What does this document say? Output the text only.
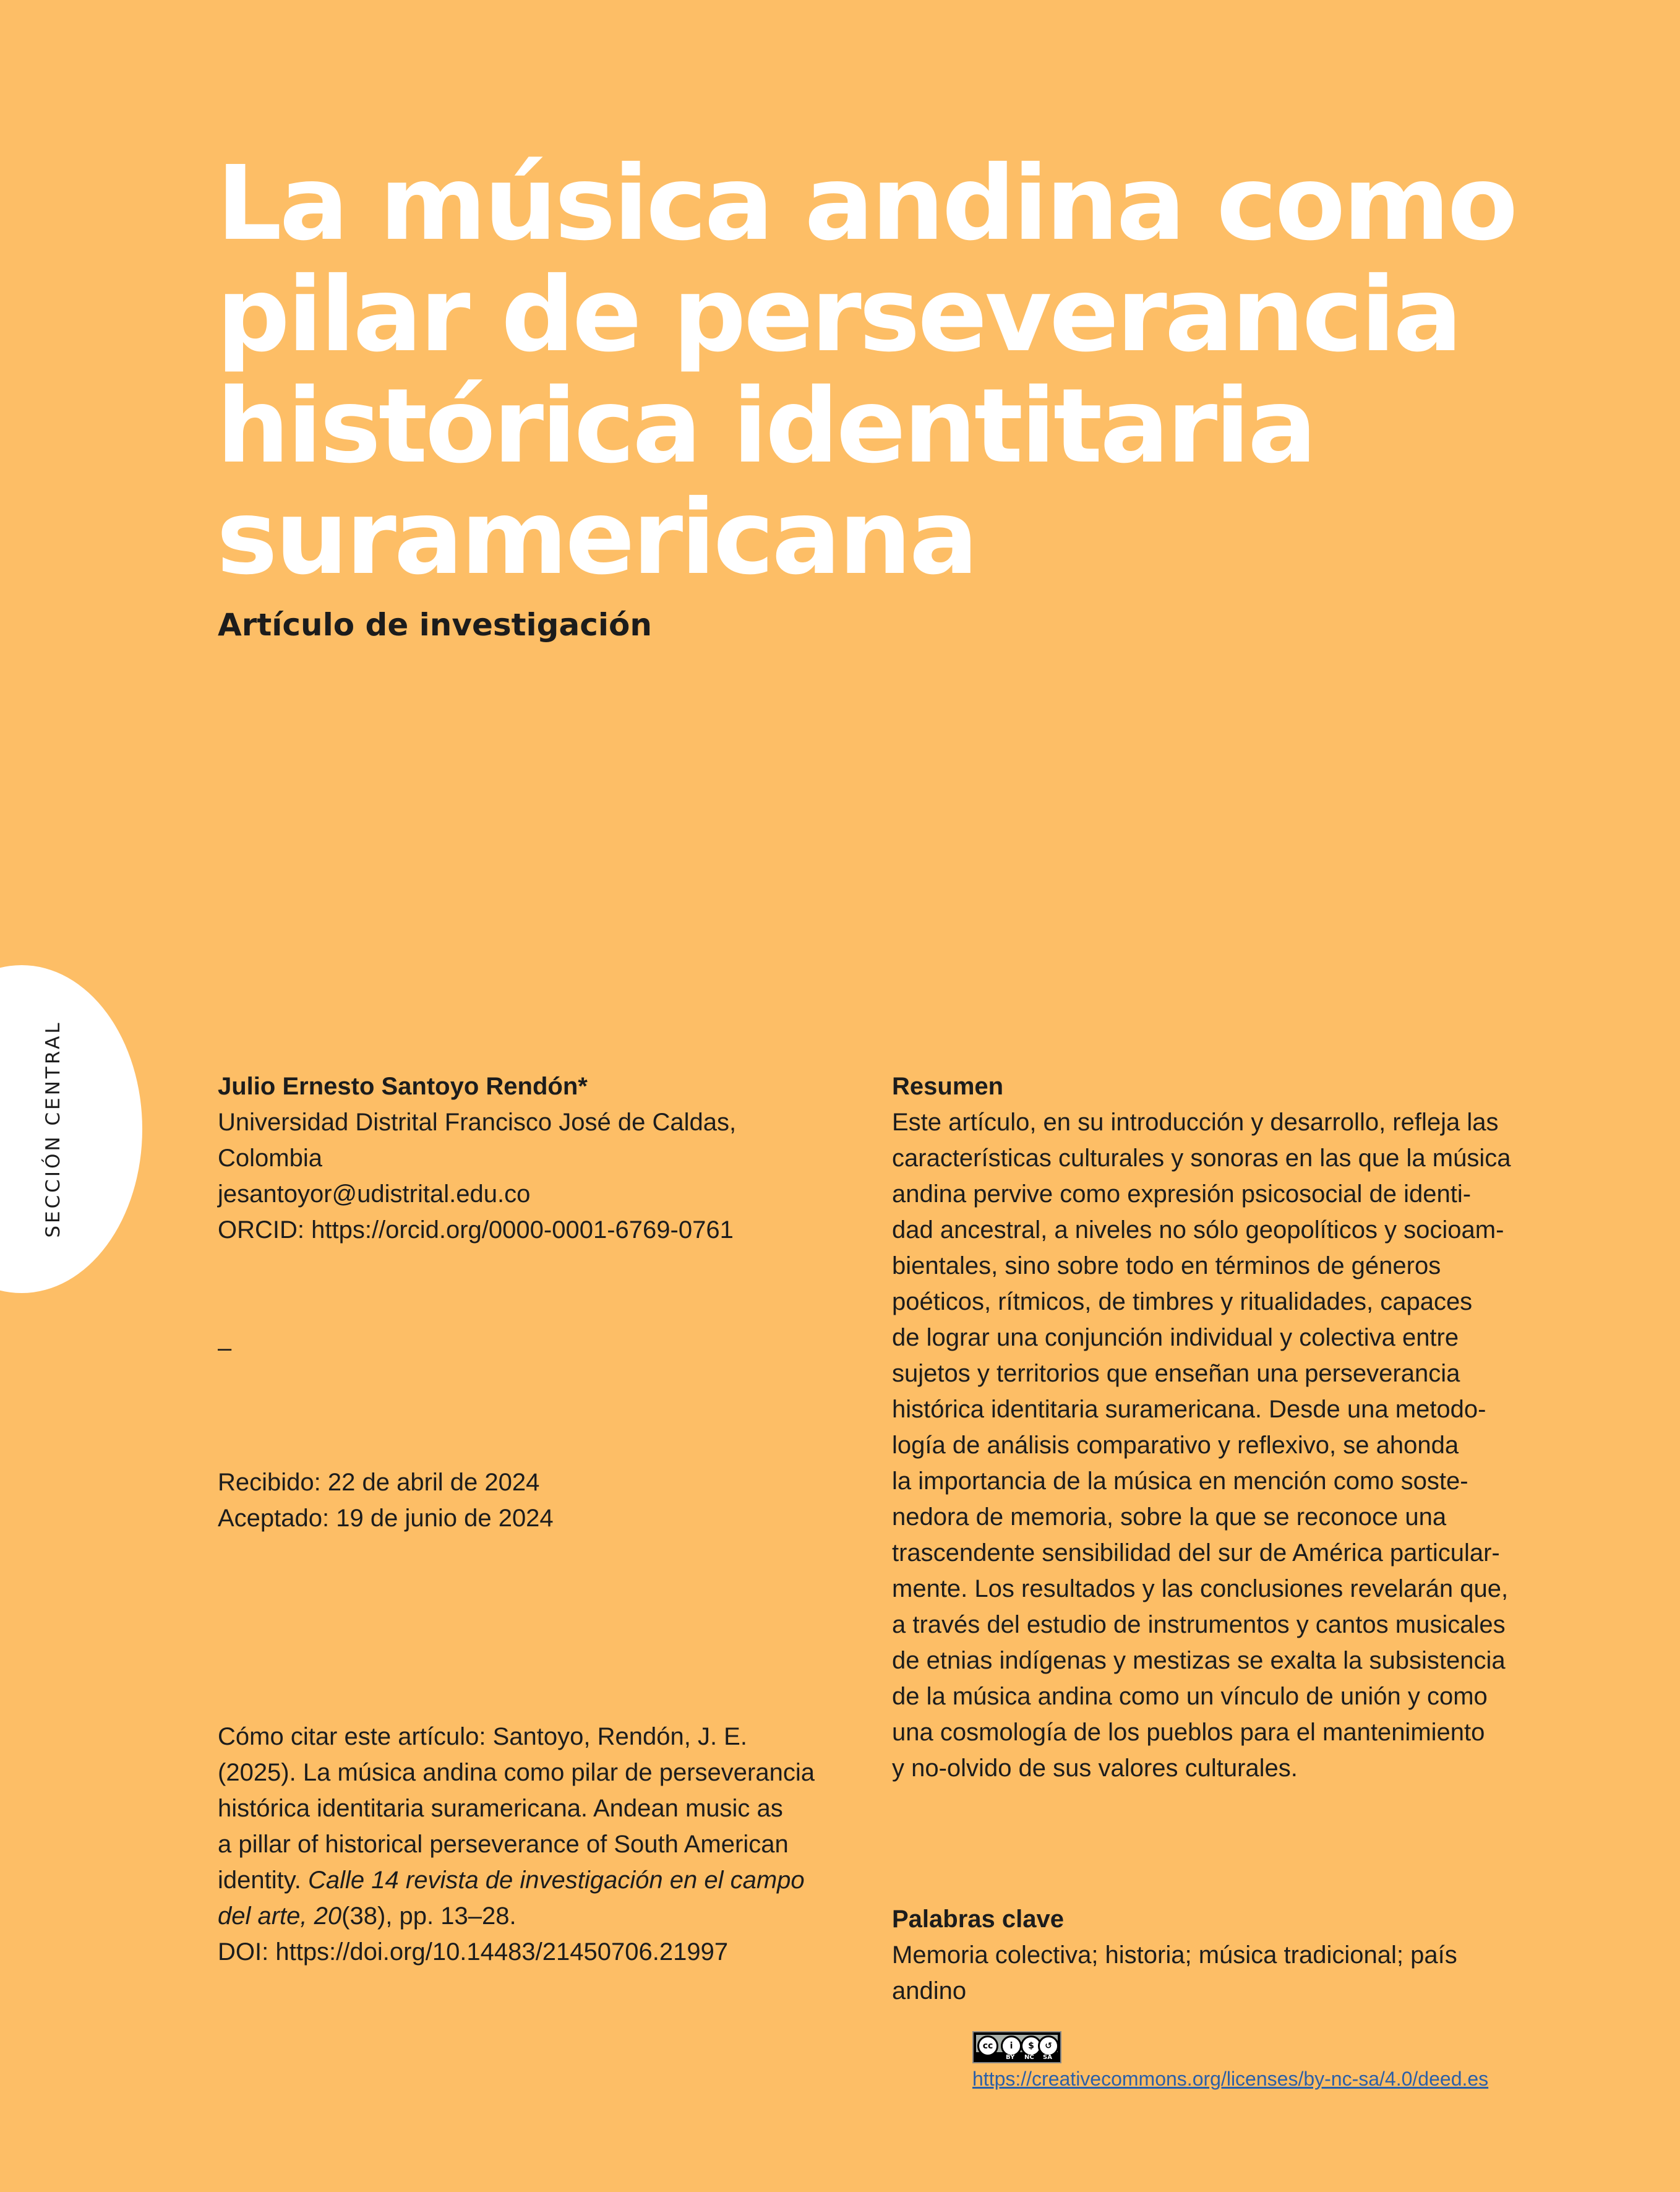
La música andina como
pilar de perseverancia
histórica identitaria
suramericana
Artículo de investigación
SECCIÓN CENTRAL	Julio Ernesto Santoyo Rendón*
Universidad Distrital Francisco José de Caldas,
Colombia
jesantoyor@udistrital.edu.co
ORCID: https://orcid.org/0000-0001-6769-0761
–
Recibido: 22 de abril de 2024
Aceptado: 19 de junio de 2024
Cómo citar este artículo: Santoyo, Rendón, J. E.
(2025). La música andina como pilar de perseverancia
histórica identitaria suramericana. Andean music as
a pillar of historical perseverance of South American
identity. Calle 14 revista de investigación en el campo
del arte, 20(38), pp. 13–28.
DOI: https://doi.org/10.14483/21450706.21997
Resumen
Este artículo, en su introducción y desarrollo, refleja las
características culturales y sonoras en las que la música
andina pervive como expresión psicosocial de identi-
dad ancestral, a niveles no sólo geopolíticos y socioam-
bientales, sino sobre todo en términos de géneros
poéticos, rítmicos, de timbres y ritualidades, capaces
de lograr una conjunción individual y colectiva entre
sujetos y territorios que enseñan una perseverancia
histórica identitaria suramericana. Desde una metodo-
logía de análisis comparativo y reflexivo, se ahonda
la importancia de la música en mención como soste-
nedora de memoria, sobre la que se reconoce una
trascendente sensibilidad del sur de América particular-
mente. Los resultados y las conclusiones revelarán que,
a través del estudio de instrumentos y cantos musicales
de etnias indígenas y mestizas se exalta la subsistencia
de la música andina como un vínculo de unión y como
una cosmología de los pueblos para el mantenimiento
y no-olvido de sus valores culturales.
Palabras clave
Memoria colectiva; historia; música tradicional; país
andino
cc	i	$	↺
BY NC SA
https://creativecommons.org/licenses/by-nc-sa/4.0/deed.es
